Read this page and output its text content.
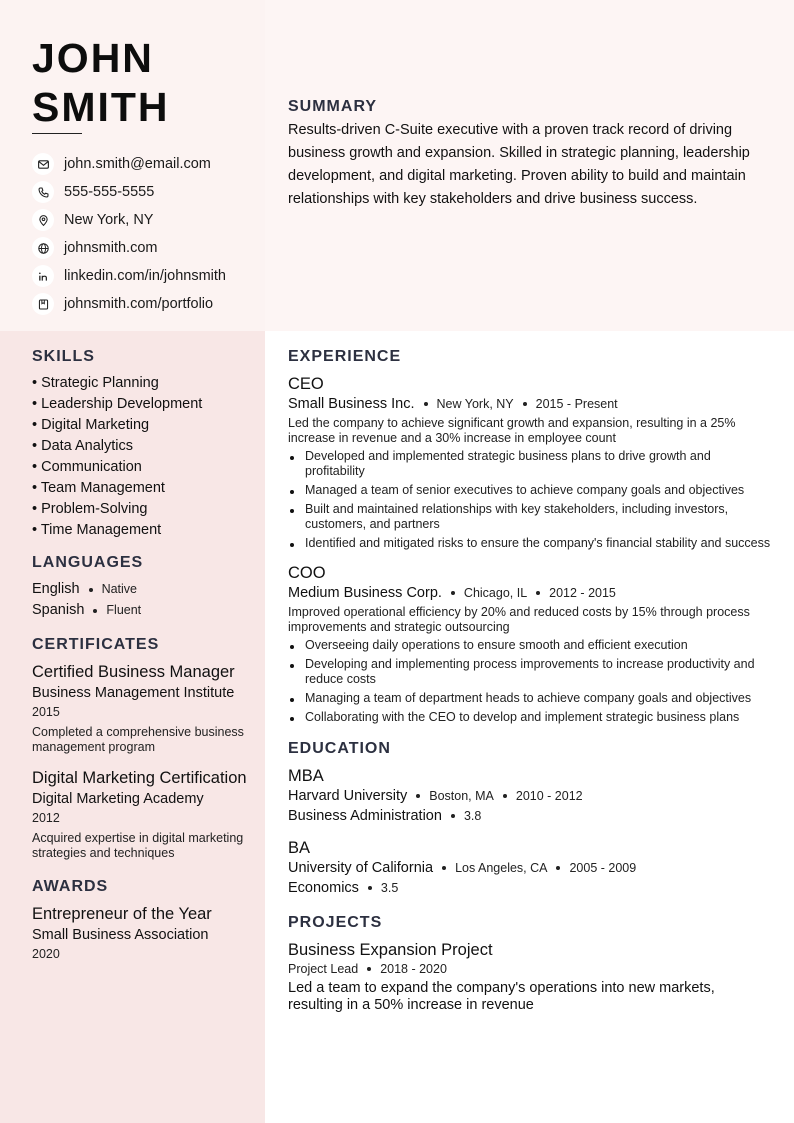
JOHN
SMITH
john.smith@email.com
555-555-5555
New York, NY
johnsmith.com
linkedin.com/in/johnsmith
johnsmith.com/portfolio
SUMMARY

Results-driven C-Suite executive with a proven track record of driving business growth and expansion. Skilled in strategic planning, leadership development, and digital marketing. Proven ability to build and maintain relationships with key stakeholders and drive business success.

SKILLS
• Strategic Planning
• Leadership Development
• Digital Marketing
• Data Analytics
• Communication
• Team Management
• Problem-Solving
• Time Management
LANGUAGES
English Native
Spanish Fluent
CERTIFICATES
Certified Business Manager
Business Management Institute
2015
Completed a comprehensive business management program
Digital Marketing Certification
Digital Marketing Academy
2012
Acquired expertise in digital marketing strategies and techniques
AWARDS
Entrepreneur of the Year
Small Business Association
2020
EXPERIENCE
CEO
Small Business Inc. New York, NY 2015 - Present
Led the company to achieve significant growth and expansion, resulting in a 25% increase in revenue and a 30% increase in employee count
Developed and implemented strategic business plans to drive growth and profitability
Managed a team of senior executives to achieve company goals and objectives
Built and maintained relationships with key stakeholders, including investors, customers, and partners
Identified and mitigated risks to ensure the company's financial stability and success
COO
Medium Business Corp. Chicago, IL 2012 - 2015
Improved operational efficiency by 20% and reduced costs by 15% through process improvements and strategic outsourcing
Overseeing daily operations to ensure smooth and efficient execution
Developing and implementing process improvements to increase productivity and reduce costs
Managing a team of department heads to achieve company goals and objectives
Collaborating with the CEO to develop and implement strategic business plans
EDUCATION
MBA
Harvard University Boston, MA 2010 - 2012
Business Administration 3.8
BA
University of California Los Angeles, CA 2005 - 2009
Economics 3.5
PROJECTS
Business Expansion Project
Project Lead 2018 - 2020
Led a team to expand the company's operations into new markets, resulting in a 50% increase in revenue
